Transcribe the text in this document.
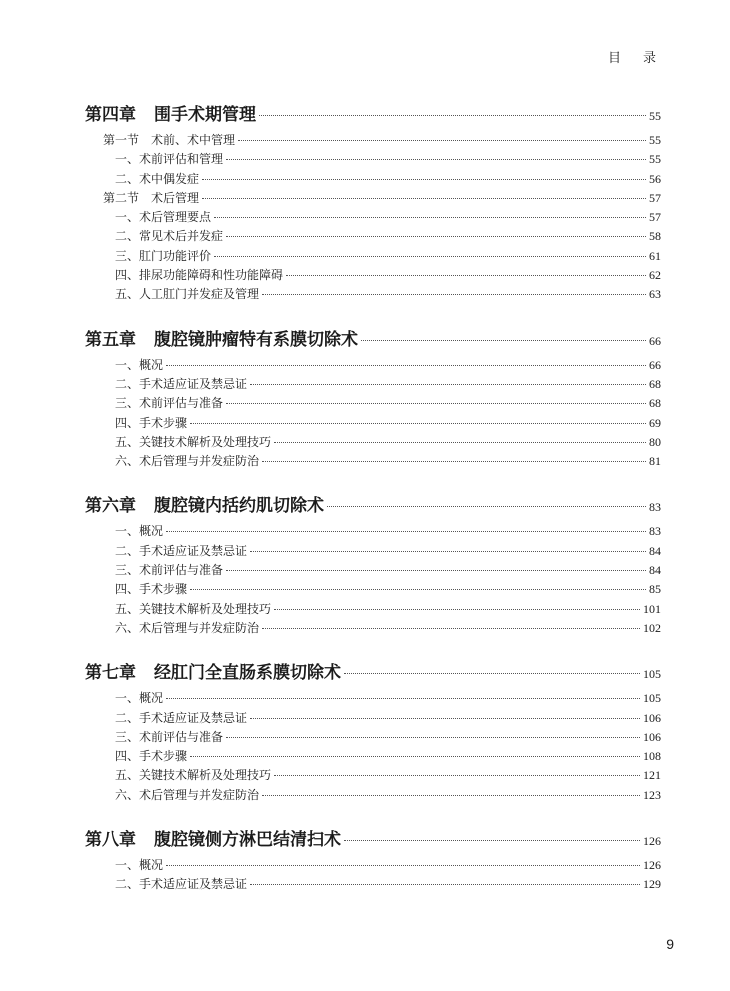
目录
第四章 围手术期管理	55
第一节 术前、术中管理	55
一、术前评估和管理	55
二、术中偶发症	56
第二节 术后管理	57
一、术后管理要点	57
二、常见术后并发症	58
三、肛门功能评价	61
四、排尿功能障碍和性功能障碍	62
五、人工肛门并发症及管理	63
第五章 腹腔镜肿瘤特有系膜切除术	66
一、概况	66
二、手术适应证及禁忌证	68
三、术前评估与准备	68
四、手术步骤	69
五、关键技术解析及处理技巧	80
六、术后管理与并发症防治	81
第六章 腹腔镜内括约肌切除术	83
一、概况	83
二、手术适应证及禁忌证	84
三、术前评估与准备	84
四、手术步骤	85
五、关键技术解析及处理技巧	101
六、术后管理与并发症防治	102
第七章 经肛门全直肠系膜切除术	105
一、概况	105
二、手术适应证及禁忌证	106
三、术前评估与准备	106
四、手术步骤	108
五、关键技术解析及处理技巧	121
六、术后管理与并发症防治	123
第八章 腹腔镜侧方淋巴结清扫术	126
一、概况	126
二、手术适应证及禁忌证	129
9
